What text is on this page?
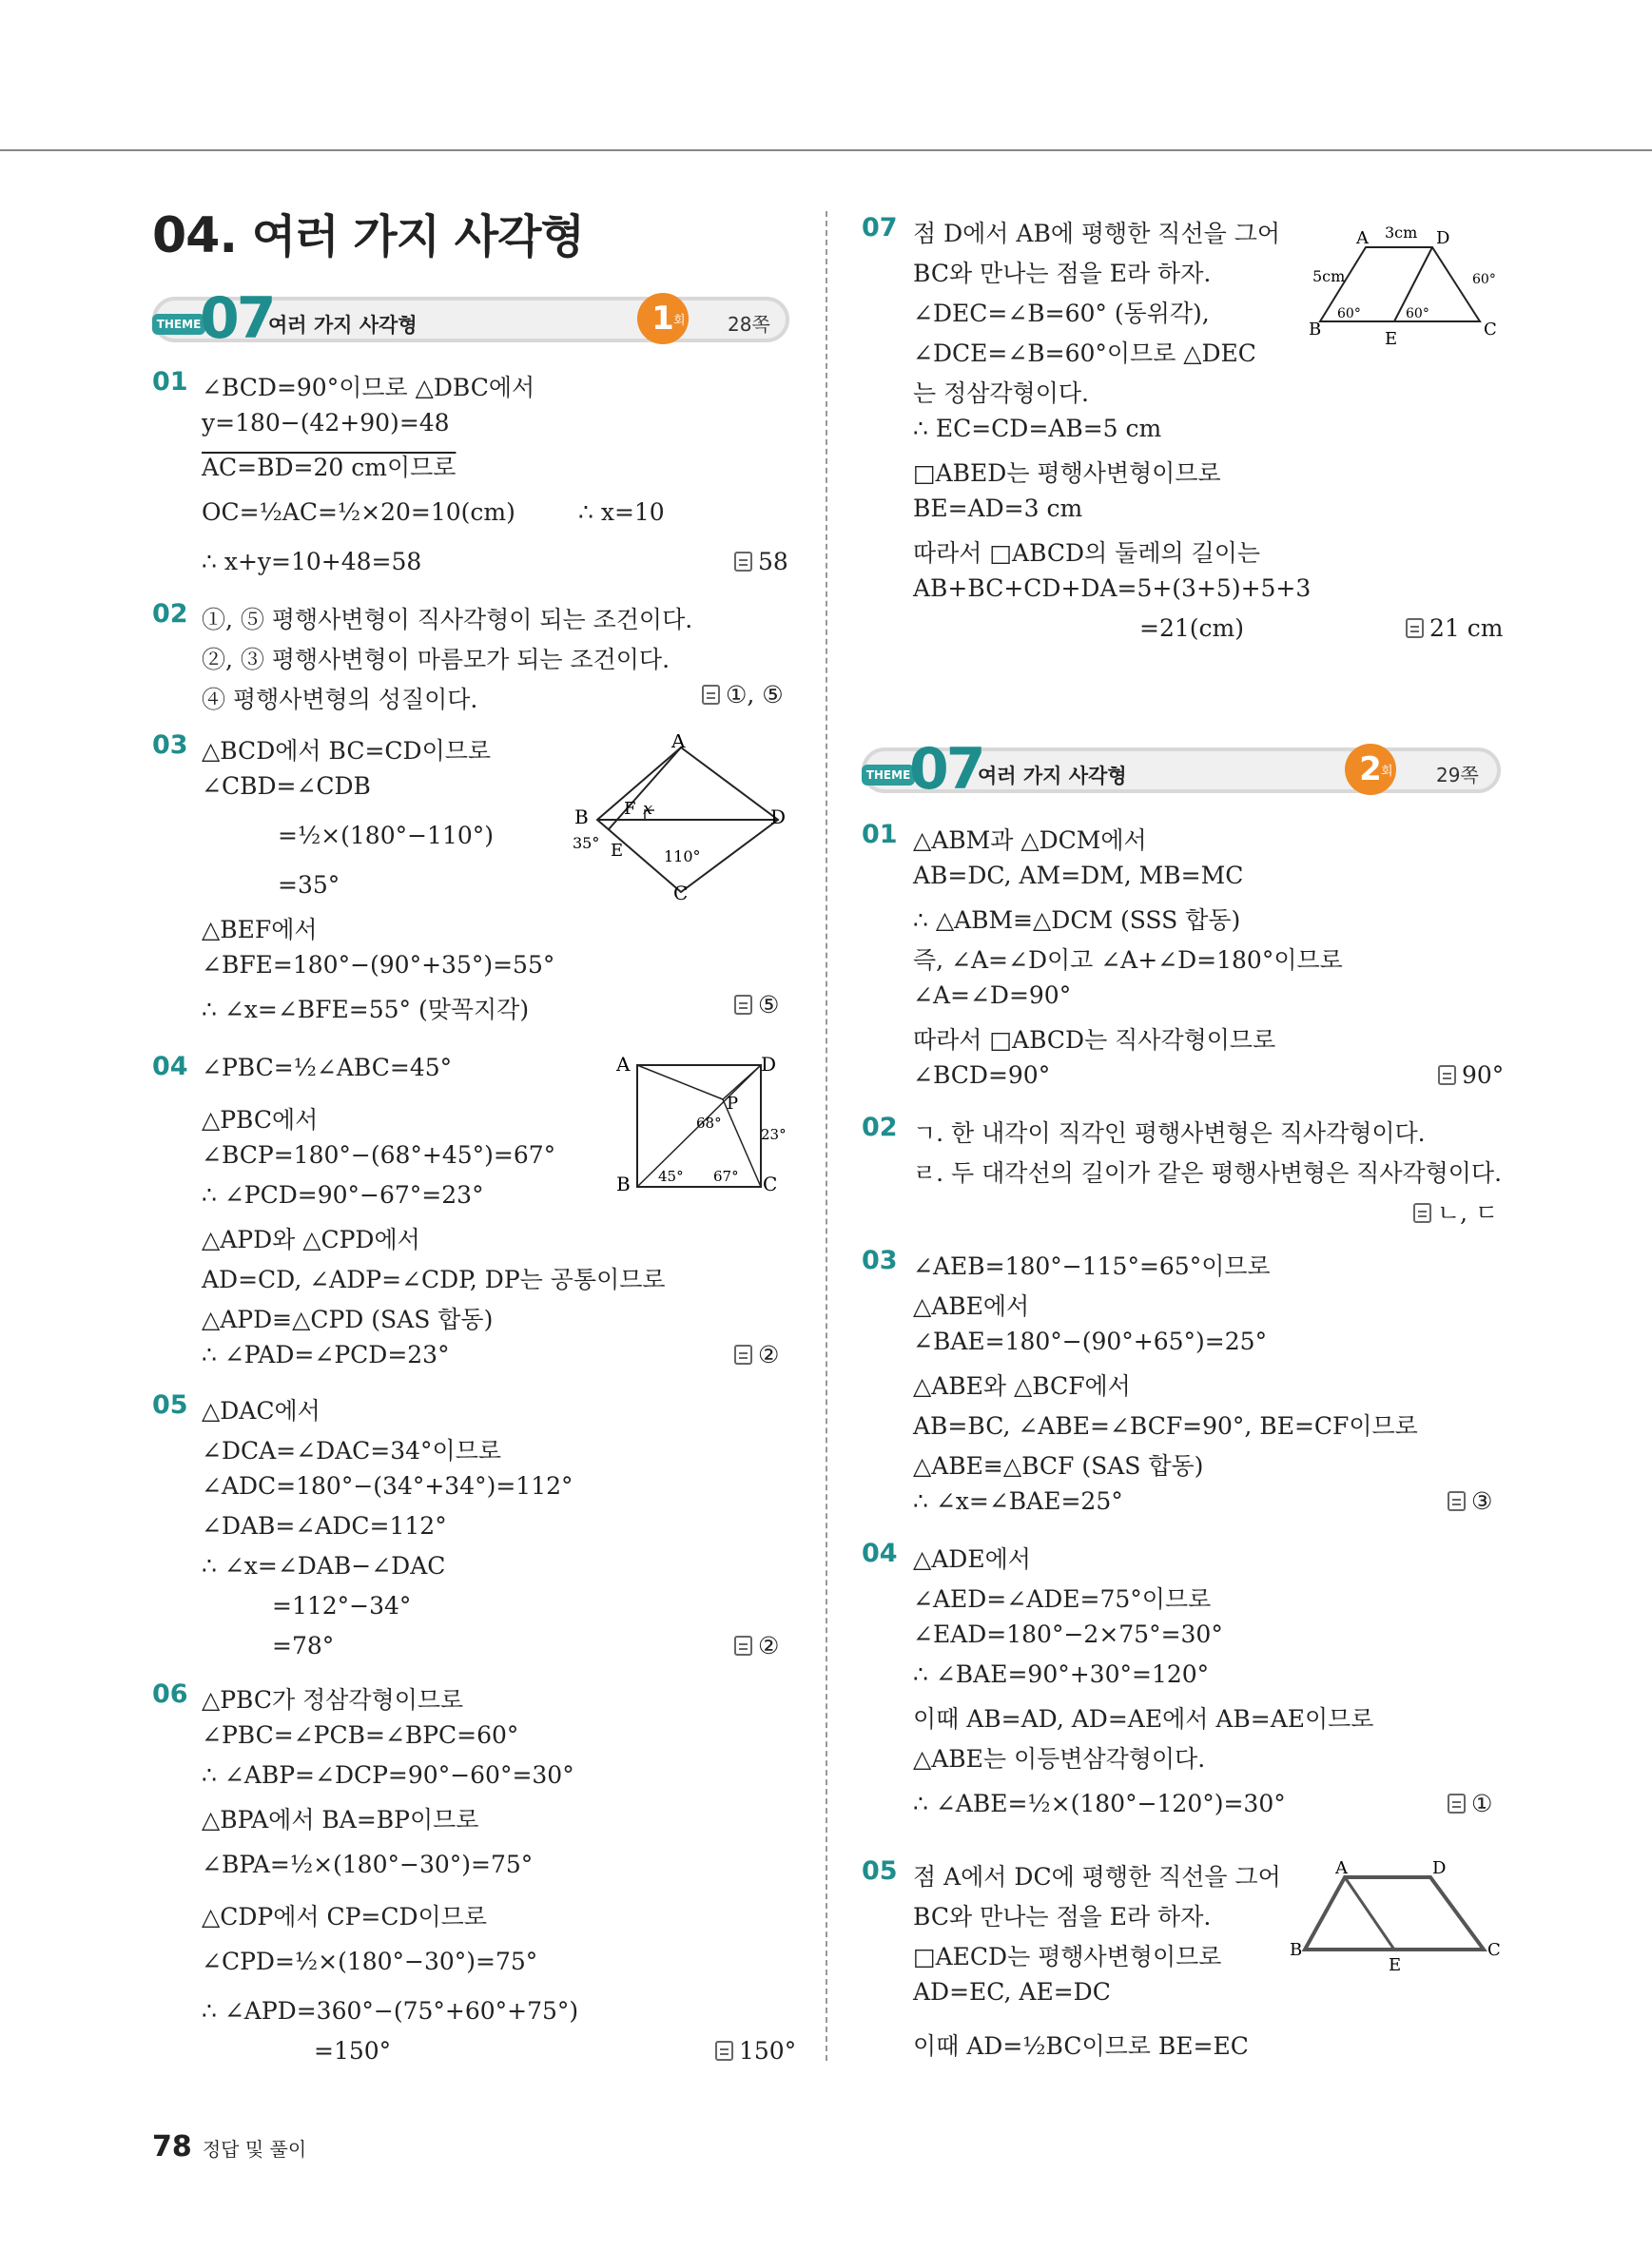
04. 여러 가지 사각형
THEME
07
여러 가지 사각형	1 회 28쪽
THEME
07
여러 가지 사각형	2 회 29쪽
01 ∠BCD=90°이므로 △DBC에서
y=180−(42+90)=48
AC=BD=20 cm이므로
OC=½AC=½×20=10(cm)	∴ x=10
∴ x+y=10+48=58	58
02 ①, ⑤ 평행사변형이 직사각형이 되는 조건이다.
②, ③ 평행사변형이 마름모가 되는 조건이다.
④ 평행사변형의 성질이다.	①, ⑤
03 △BCD에서 BC=CD이므로
∠CBD=∠CDB
=½×(180°−110°)
=35°
△BEF에서
∠BFE=180°−(90°+35°)=55°
∴ ∠x=∠BFE=55° (맞꼭지각)	⑤
A
B
C
D
E
F x
35°
110°
04 ∠PBC=½∠ABC=45°
△PBC에서
∠BCP=180°−(68°+45°)=67°
∴ ∠PCD=90°−67°=23°
△APD와 △CPD에서
AD=CD, ∠ADP=∠CDP, DP는 공통이므로
△APD≡△CPD (SAS 합동)
∴ ∠PAD=∠PCD=23°	②
A
B	C
D
P
68°
23°
45° 67°
05 △DAC에서
∠DCA=∠DAC=34°이므로
∠ADC=180°−(34°+34°)=112°
∠DAB=∠ADC=112°
∴ ∠x=∠DAB−∠DAC
=112°−34°
=78°	②
06 △PBC가 정삼각형이므로
∠PBC=∠PCB=∠BPC=60°
∴ ∠ABP=∠DCP=90°−60°=30°
△BPA에서 BA=BP이므로
∠BPA=½×(180°−30°)=75°
△CDP에서 CP=CD이므로
∠CPD=½×(180°−30°)=75°
∴ ∠APD=360°−(75°+60°+75°)
=150°	150°
07 점 D에서 AB에 평행한 직선을 그어
BC와 만나는 점을 E라 하자.
∠DEC=∠B=60° (동위각),
∠DCE=∠B=60°이므로 △DEC
는 정삼각형이다.
∴ EC=CD=AB=5 cm
□ABED는 평행사변형이므로
BE=AD=3 cm
따라서 □ABCD의 둘레의 길이는
AB+BC+CD+DA=5+(3+5)+5+3
=21(cm)	21 cm
A	D
B	C
E
3cm
5cm
60°	60°
60°
01 △ABM과 △DCM에서
AB=DC, AM=DM, MB=MC
∴ △ABM≡△DCM (SSS 합동)
즉, ∠A=∠D이고 ∠A+∠D=180°이므로
∠A=∠D=90°
따라서 □ABCD는 직사각형이므로
∠BCD=90°	90°
02 ㄱ. 한 내각이 직각인 평행사변형은 직사각형이다.
ㄹ. 두 대각선의 길이가 같은 평행사변형은 직사각형이다.
ㄴ, ㄷ
03 ∠AEB=180°−115°=65°이므로
△ABE에서
∠BAE=180°−(90°+65°)=25°
△ABE와 △BCF에서
AB=BC, ∠ABE=∠BCF=90°, BE=CF이므로
△ABE≡△BCF (SAS 합동)
∴ ∠x=∠BAE=25°	③
04 △ADE에서
∠AED=∠ADE=75°이므로
∠EAD=180°−2×75°=30°
∴ ∠BAE=90°+30°=120°
이때 AB=AD, AD=AE에서 AB=AE이므로
△ABE는 이등변삼각형이다.
∴ ∠ABE=½×(180°−120°)=30°	①
05 점 A에서 DC에 평행한 직선을 그어
BC와 만나는 점을 E라 하자.
□AECD는 평행사변형이므로
AD=EC, AE=DC
이때 AD=½BC이므로 BE=EC
A	D
B	C
E
78 정답 및 풀이
